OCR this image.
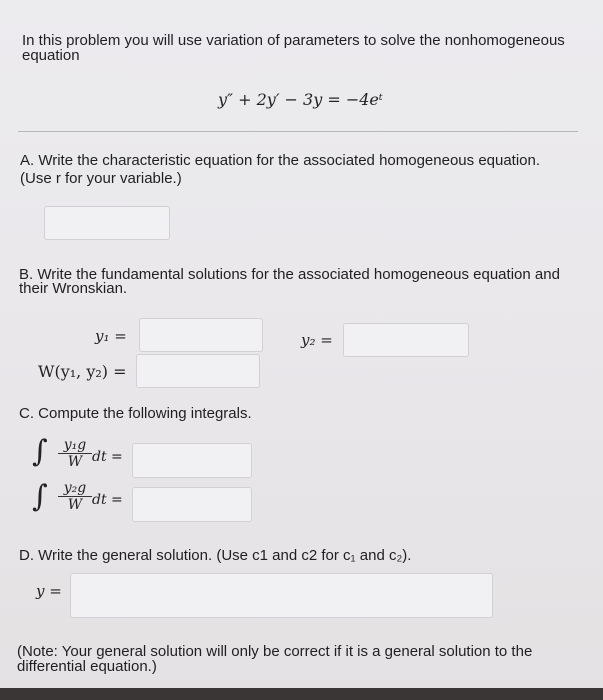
In this problem you will use variation of parameters to solve the nonhomogeneous
equation
y″ + 2y′ − 3y = −4eᵗ
A. Write the characteristic equation for the associated homogeneous equation.
(Use r for your variable.)
B. Write the fundamental solutions for the associated homogeneous equation and
their Wronskian.
y₁ =	y₂ =
W(y₁, y₂) =
C. Compute the following integrals.
∫ $\frac{\text{y₁g}}{W}$ dt =
∫ $\frac{\text{y₂g}}{W}$ dt =
D. Write the general solution. (Use c1 and c2 for c₁ and c₂).
y =
(Note: Your general solution will only be correct if it is a general solution to the
differential equation.)
